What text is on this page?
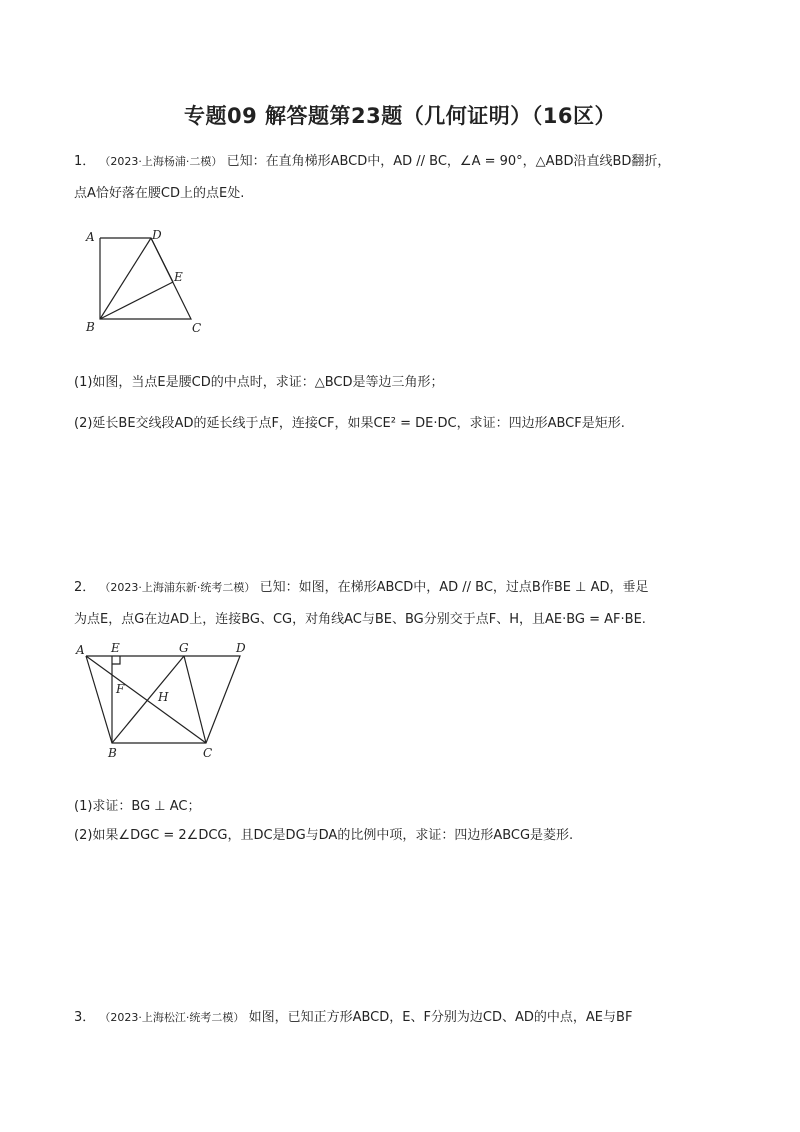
专题09 解答题第23题（几何证明）（16区）
1． （2023·上海杨浦·二模） 已知：在直角梯形ABCD中，AD // BC，∠A = 90°，△ABD沿直线BD翻折，
点A恰好落在腰CD上的点E处.
A	D
E
B	C
(1)如图，当点E是腰CD的中点时，求证：△BCD是等边三角形；
(2)延长BE交线段AD的延长线于点F，连接CF，如果CE² = DE·DC，求证：四边形ABCF是矩形.
2． （2023·上海浦东新·统考二模） 已知：如图，在梯形ABCD中，AD // BC，过点B作BE ⊥ AD，垂足
为点E，点G在边AD上，连接BG、CG，对角线AC与BE、BG分别交于点F、H，且AE·BG = AF·BE.
A E	G	D
F
H
B	C
(1)求证：BG ⊥ AC；
(2)如果∠DGC = 2∠DCG，且DC是DG与DA的比例中项，求证：四边形ABCG是菱形.
3． （2023·上海松江·统考二模） 如图，已知正方形ABCD，E、F分别为边CD、AD的中点，AE与BF
